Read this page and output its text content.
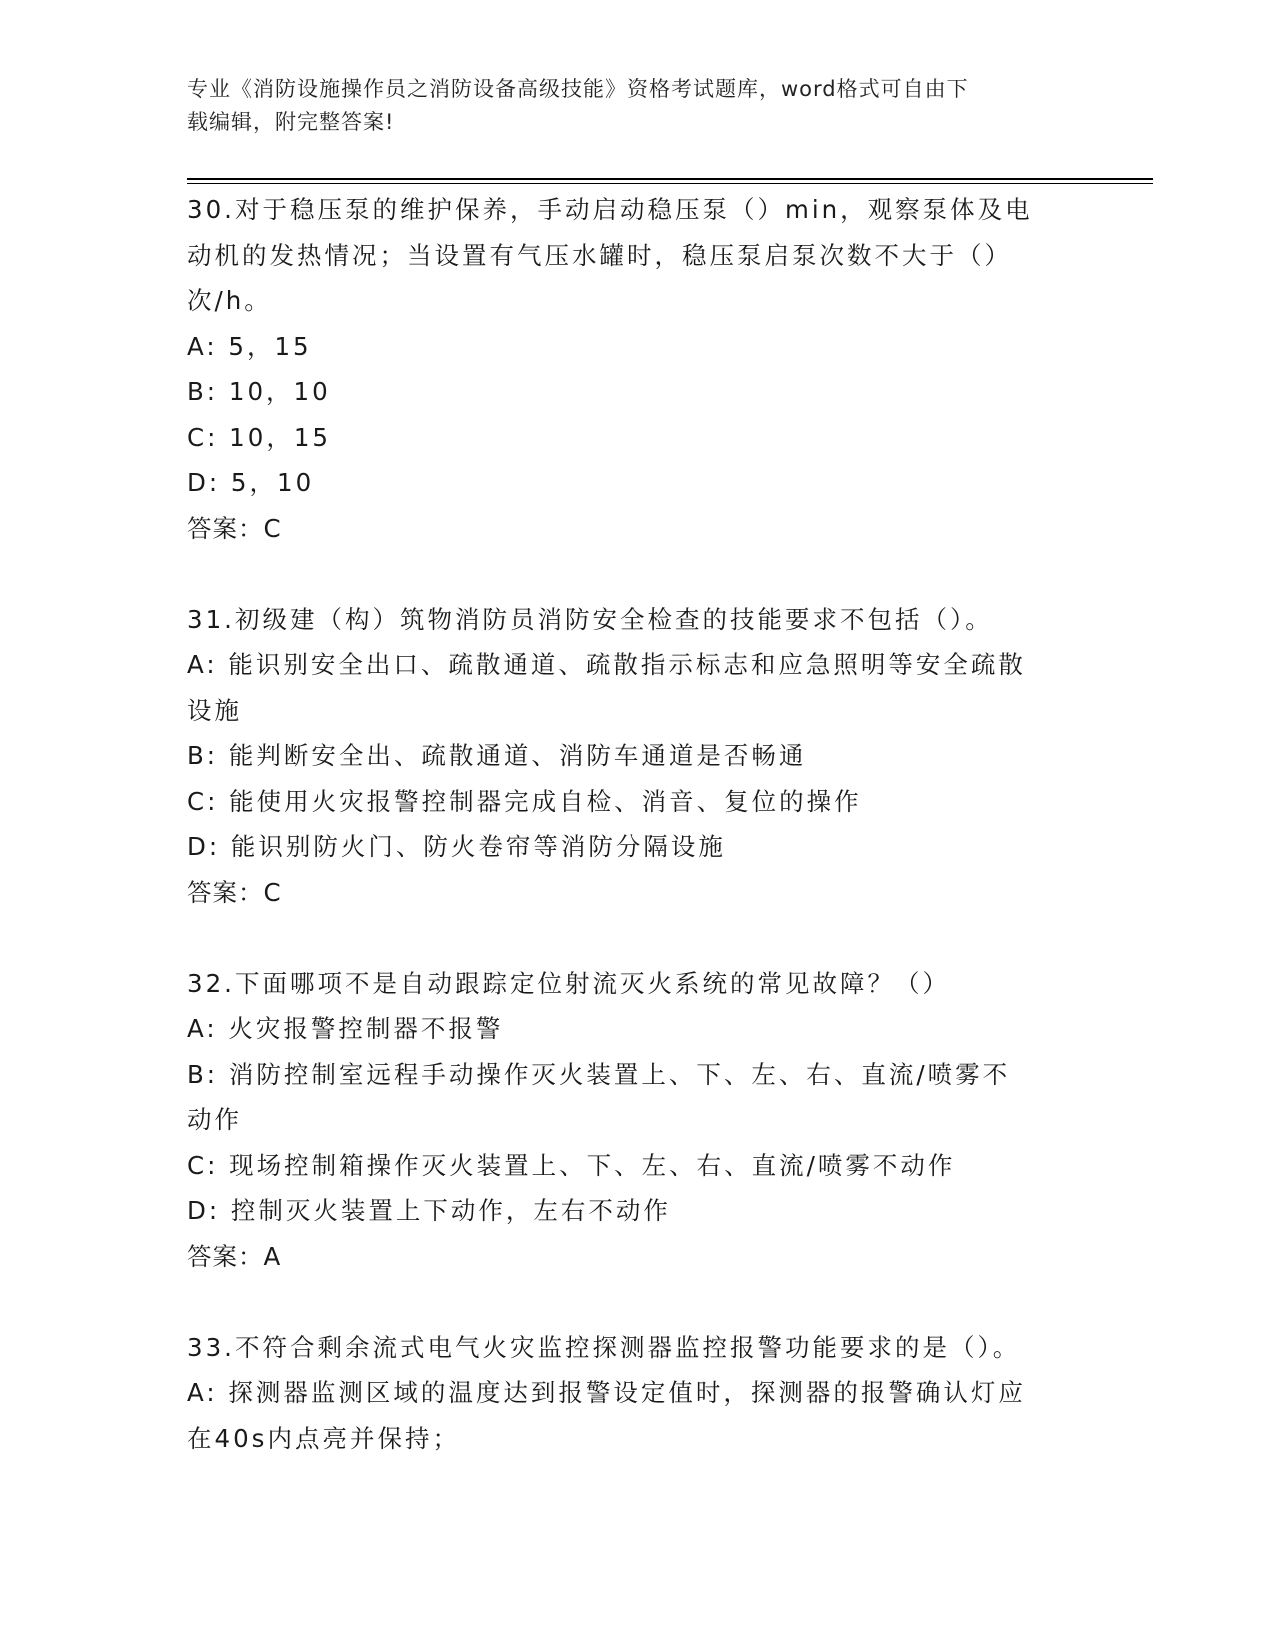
专业《消防设施操作员之消防设备高级技能》资格考试题库，word格式可自由下
载编辑，附完整答案!
30.对于稳压泵的维护保养，手动启动稳压泵（）min，观察泵体及电
动机的发热情况；当设置有气压水罐时，稳压泵启泵次数不大于（）
次/h。
A: 5，15
B: 10，10
C: 10，15
D: 5，10
答案：C
31.初级建（构）筑物消防员消防安全检查的技能要求不包括（）。
A: 能识别安全出口、疏散通道、疏散指示标志和应急照明等安全疏散
设施
B: 能判断安全出、疏散通道、消防车通道是否畅通
C: 能使用火灾报警控制器完成自检、消音、复位的操作
D: 能识别防火门、防火卷帘等消防分隔设施
答案：C
32.下面哪项不是自动跟踪定位射流灭火系统的常见故障？（）
A: 火灾报警控制器不报警
B: 消防控制室远程手动操作灭火装置上、下、左、右、直流/喷雾不
动作
C: 现场控制箱操作灭火装置上、下、左、右、直流/喷雾不动作
D: 控制灭火装置上下动作，左右不动作
答案：A
33.不符合剩余流式电气火灾监控探测器监控报警功能要求的是（）。
A: 探测器监测区域的温度达到报警设定值时，探测器的报警确认灯应
在40s内点亮并保持；
